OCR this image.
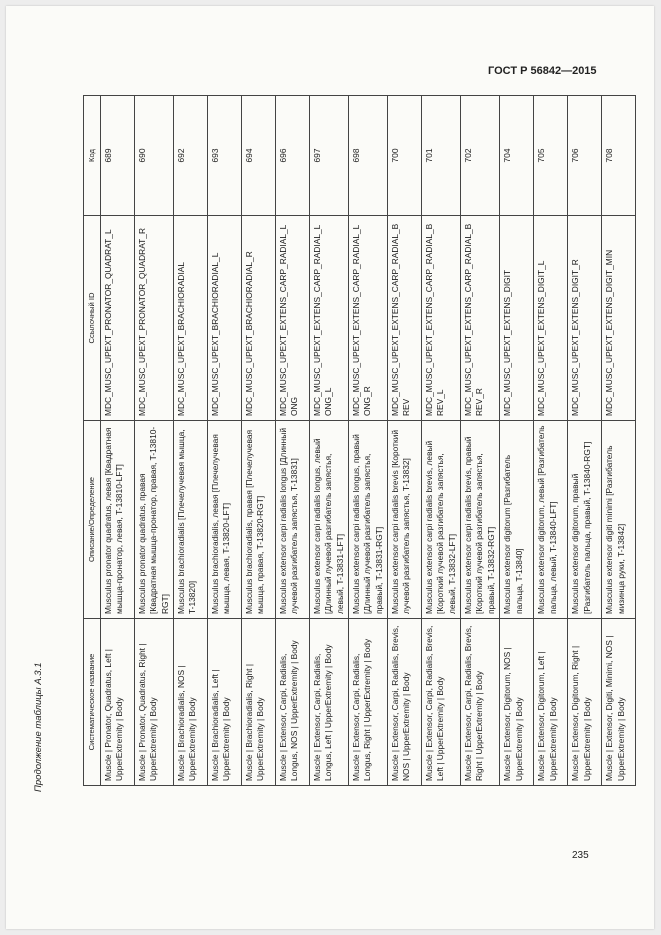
ГОСТ Р 56842—2015
Продолжение таблицы А.3.1	Систематическое название	Описание/Определение	Ссылочный ID	Код
Muscle | Pronator, Quadratus, Left | UpperExtremity | Body	Musculus pronator quadratus, левая [Квадратная мышца-пронатор, левая, T-13810-LFT]	MDC_MUSC_UPEXT_PRONATOR_QUADRAT_L	689
Muscle | Pronator, Quadratus, Right | UpperExtremity | Body	Musculus pronator quadratus, правая [Квадратная мышца-пронатор, правая, T-13810-RGT]	MDC_MUSC_UPEXT_PRONATOR_QUADRAT_R	690
Muscle | Brachioradialis, NOS | UpperExtremity | Body	Musculus brachioradialis [Плечелучевая мышца, T-13820]	MDC_MUSC_UPEXT_BRACHIORADIAL	692
Muscle | Brachioradialis, Left | UpperExtremity | Body	Musculus brachioradialis, левая [Плечелучевая мышца, левая, T-13820-LFT]	MDC_MUSC_UPEXT_BRACHIORADIAL_L	693
Muscle | Brachioradialis, Right | UpperExtremity | Body	Musculus brachioradialis, правая [Плечелучевая мышца, правая, T-13820-RGT]	MDC_MUSC_UPEXT_BRACHIORADIAL_R	694
Muscle | Extensor, Carpi, Radialis, Longus, NOS | UpperExtremity | Body	Musculus extensor carpi radialis longus [Длинный лучевой разгибатель запястья, T-13831]	MDC_MUSC_UPEXT_EXTENS_CARP_RADIAL_LONG	696
Muscle | Extensor, Carpi, Radialis, Longus, Left | UpperExtremity | Body	Musculus extensor carpi radialis longus, левый [Длинный лучевой разгибатель запястья, левый, T-13831-LFT]	MDC_MUSC_UPEXT_EXTENS_CARP_RADIAL_LONG_L	697
Muscle | Extensor, Carpi, Radialis, Longus, Right | UpperExtremity | Body	Musculus extensor carpi radialis longus, правый [Длинный лучевой разгибатель запястья, правый, T-13831-RGT]	MDC_MUSC_UPEXT_EXTENS_CARP_RADIAL_LONG_R	698
Muscle | Extensor, Carpi, Radialis, Brevis, NOS | UpperExtremity | Body	Musculus extensor carpi radialis brevis [Короткий лучевой разгибатель запястья, T-13832]	MDC_MUSC_UPEXT_EXTENS_CARP_RADIAL_BREV	700
Muscle | Extensor, Carpi, Radialis, Brevis, Left | UpperExtremity | Body	Musculus extensor carpi radialis brevis, левый [Короткий лучевой разгибатель запястья, левый, T-13832-LFT]	MDC_MUSC_UPEXT_EXTENS_CARP_RADIAL_BREV_L	701
Muscle | Extensor, Carpi, Radialis, Brevis, Right | UpperExtremity | Body	Musculus extensor carpi radialis brevis, правый [Короткий лучевой разгибатель запястья, правый, T-13832-RGT]	MDC_MUSC_UPEXT_EXTENS_CARP_RADIAL_BREV_R	702
Muscle | Extensor, Digitorum, NOS | UpperExtremity | Body	Musculus extensor digitorum [Разгибатель пальца, T-13840]	MDC_MUSC_UPEXT_EXTENS_DIGIT	704
Muscle | Extensor, Digitorum, Left | UpperExtremity | Body	Musculus extensor digitorum, левый [Разгибатель пальца, левый, T-13840-LFT]	MDC_MUSC_UPEXT_EXTENS_DIGIT_L	705
Muscle | Extensor, Digitorum, Right | UpperExtremity | Body	Musculus extensor digitorum, правый [Разгибатель пальца, правый, T-13840-RGT]	MDC_MUSC_UPEXT_EXTENS_DIGIT_R	706
Muscle | Extensor, Digiti, Minimi, NOS | UpperExtremity | Body	Musculus extensor digiti minimi [Разгибатель мизинца руки, T-13842]	MDC_MUSC_UPEXT_EXTENS_DIGIT_MIN	708
235
